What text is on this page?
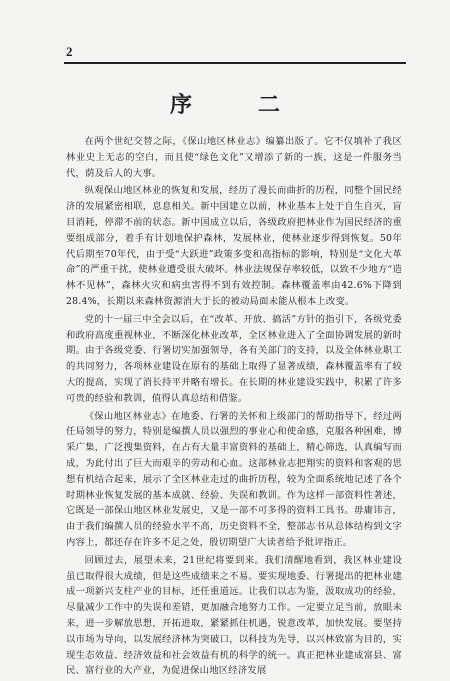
2
序　二

在两个世纪交替之际，《保山地区林业志》编纂出版了。它不仅填补了我区林业史上无志的空白，而且使“绿色文化”又增添了新的一族，这是一件服务当代，荫及后人的大事。

纵观保山地区林业的恢复和发展，经历了漫长而曲折的历程，同整个国民经济的发展紧密相联，息息相关。新中国建立以前，林业基本上处于自生自灭，盲目消耗，停滞不前的状态。新中国成立以后，各级政府把林业作为国民经济的重要组成部分，着手有计划地保护森林，发展林业，使林业逐步得到恢复。50年代后期至70年代，由于受“大跃进”政策多变和高指标的影响，特别是“文化大革命”的严重干扰，使林业遭受很大破坏。林业法规保存率较低，以致不少地方“造林不见林”，森林火灾和病虫害得不到有效控制。森林覆盖率由42.6%下降到28.4%，长期以来森林资源消大于长的被动局面未能从根本上改变。

党的十一届三中全会以后，在“改革、开放、搞活”方针的指引下，各级党委和政府高度重视林业，不断深化林业改革，全区林业进入了全面协调发展的新时期。由于各级党委、行署切实加强领导，各有关部门的支持，以及全体林业职工的共同努力，各项林业建设在原有的基础上取得了显著成绩，森林覆盖率有了较大的提高，实现了消长持平并略有增长。在长期的林业建设实践中，积累了许多可贵的经验和教训，值得认真总结和借鉴。

《保山地区林业志》在地委、行署的关怀和上级部门的帮助指导下，经过两任局领导的努力，特别是编撰人员以强烈的事业心和使命感，克服各种困难，博采广集，广泛搜集资料，在占有大量丰富资料的基础上，精心筛选，认真编写而成，为此付出了巨大而艰辛的劳动和心血。这部林业志把翔实的资料和客观的思想有机结合起来，展示了全区林业走过的曲折历程，较为全面系统地记述了各个时期林业恢复发展的基本成就、经验、失误和教训。作为这样一部资料性著述，它既是一部保山地区林业发展史，又是一部不可多得的资料工具书。毋庸讳言，由于我们编撰人员的经验水平不高，历史资料不全，整部志书从总体结构到文字内容上，都还存在许多不足之处，殷切期望广大读者给予批评指正。

回顾过去，展望未来，21世纪将要到来。我们清醒地看到，我区林业建设虽已取得很大成绩，但是这些成绩来之不易。要实现地委、行署提出的把林业建成一项新兴支柱产业的目标，还任重道远。让我们以志为鉴，汲取成功的经验，尽量减少工作中的失误和差错，更加融合地努力工作。一定要立足当前，放眼未来，进一步解放思想，开拓进取，紧紧抓住机遇，锐意改革，加快发展。要坚持以市场为导向，以发展经济林为突破口，以科技为先导，以兴林致富为目的，实现生态效益、经济效益和社会效益有机的科学的统一。真正把林业建成富县、富民、富行业的大产业，为促进保山地区经济发展
